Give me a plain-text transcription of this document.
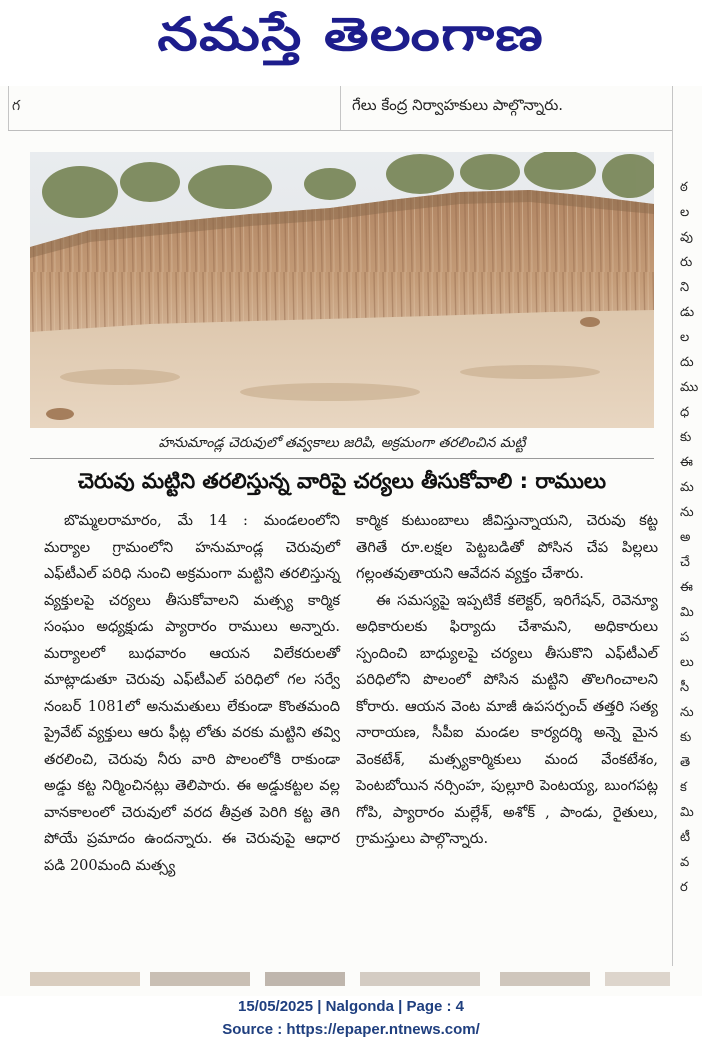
నమస్తే తెలంగాణ
గ	గేలు కేంద్ర నిర్వాహకులు పాల్గొన్నారు.
హనుమాండ్ల చెరువులో తవ్వకాలు జరిపి, అక్రమంగా తరలించిన మట్టి
చెరువు మట్టిని తరలిస్తున్న వారిపై చర్యలు తీసుకోవాలి : రాములు

బొమ్మలరామారం, మే 14 : మండలంలోని మర్యాల గ్రామంలోని హనుమాండ్ల చెరువులో ఎఫ్‌టీఎల్ పరిధి నుంచి అక్రమంగా మట్టిని తరలిస్తున్న వ్యక్తులపై చర్యలు తీసుకోవాలని మత్స్య కార్మిక సంఘం అధ్యక్షుడు ప్యారారం రాములు అన్నారు. మర్యాలలో బుధవారం ఆయన విలేకరులతో మాట్లాడుతూ చెరువు ఎఫ్‌టీఎల్ పరిధిలో గల సర్వే నంబర్ 1081లో అనుమతులు లేకుండా కొంతమంది ప్రైవేట్ వ్యక్తులు ఆరు ఫీట్ల లోతు వరకు మట్టిని తవ్వి తరలించి, చెరువు నీరు వారి పొలంలోకి రాకుండా అడ్డు కట్ట నిర్మించినట్లు తెలిపారు. ఈ అడ్డుకట్టల వల్ల వానకాలంలో చెరువులో వరద తీవ్రత పెరిగి కట్ట తెగి పోయే ప్రమాదం ఉందన్నారు. ఈ చెరువుపై ఆధార పడి 200మంది మత్స్య

కార్మిక కుటుంబాలు జీవిస్తున్నాయని, చెరువు కట్ట తెగితే రూ.లక్షల పెట్టబడితో పోసిన చేప పిల్లలు గల్లంతవుతాయని ఆవేదన వ్యక్తం చేశారు.

ఈ సమస్యపై ఇప్పటికే కలెక్టర్, ఇరిగేషన్, రెవెన్యూ అధికారులకు ఫిర్యాదు చేశామని, అధికారులు స్పందించి బాధ్యులపై చర్యలు తీసుకొని ఎఫ్‌టీఎల్ పరిధిలోని పొలంలో పోసిన మట్టిని తొలగించాలని కోరారు. ఆయన వెంట మాజీ ఉపసర్పంచ్ తత్తరి సత్య నారాయణ, సీపీఐ మండల కార్యదర్శి అన్నె మైన వెంకటేశ్, మత్స్యకార్మికులు మంద వేంకటేశం, పెంటబోయిన నర్సింహ, పుల్లూరి పెంటయ్య, బుంగపట్ల గోపి, ప్యారారం మల్లేశ్, అశోక్ , పాండు, రైతులు, గ్రామస్తులు పాల్గొన్నారు.

ఠ
ల
వు
రు
ని
డు
ల
దు
ము
ధ
కు
ఈ
మ
ను
అ
చే
ఈ
మి
ప
లు
సీ
ను
కు
తె
క
మి
టీ
వ
ర
15/05/2025 | Nalgonda | Page : 4
Source : https://epaper.ntnews.com/
